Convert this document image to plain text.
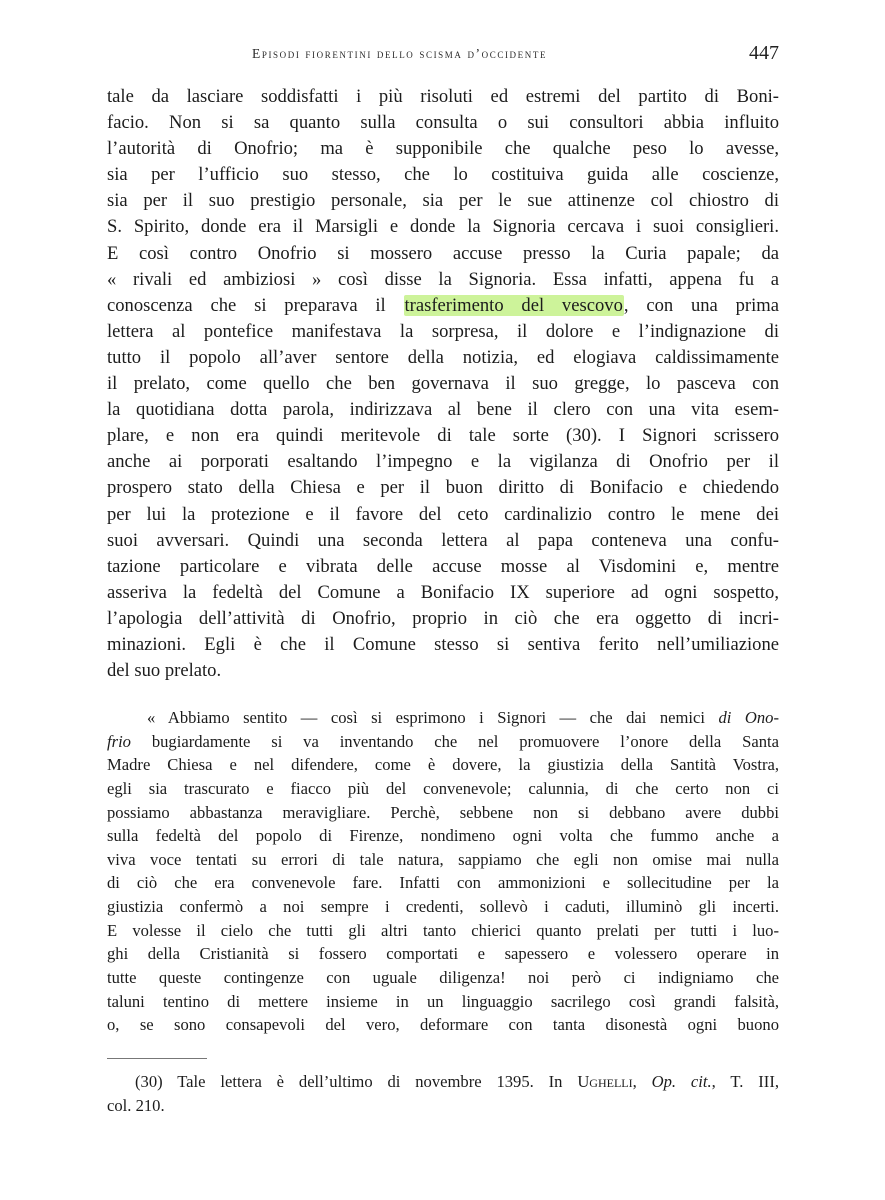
Episodi fiorentini dello scisma d’occidente	447
tale da lasciare soddisfatti i più risoluti ed estremi del partito di Boni-
facio. Non si sa quanto sulla consulta o sui consultori abbia influito
l’autorità di Onofrio; ma è supponibile che qualche peso lo avesse,
sia per l’ufficio suo stesso, che lo costituiva guida alle coscienze,
sia per il suo prestigio personale, sia per le sue attinenze col chiostro di
S. Spirito, donde era il Marsigli e donde la Signoria cercava i suoi consiglieri.
E così contro Onofrio si mossero accuse presso la Curia papale; da
« rivali ed ambiziosi » così disse la Signoria. Essa infatti, appena fu a
conoscenza che si preparava il trasferimento del vescovo, con una prima
lettera al pontefice manifestava la sorpresa, il dolore e l’indignazione di
tutto il popolo all’aver sentore della notizia, ed elogiava caldissimamente
il prelato, come quello che ben governava il suo gregge, lo pasceva con
la quotidiana dotta parola, indirizzava al bene il clero con una vita esem-
plare, e non era quindi meritevole di tale sorte (30). I Signori scrissero
anche ai porporati esaltando l’impegno e la vigilanza di Onofrio per il
prospero stato della Chiesa e per il buon diritto di Bonifacio e chiedendo
per lui la protezione e il favore del ceto cardinalizio contro le mene dei
suoi avversari. Quindi una seconda lettera al papa conteneva una confu-
tazione particolare e vibrata delle accuse mosse al Visdomini e, mentre
asseriva la fedeltà del Comune a Bonifacio IX superiore ad ogni sospetto,
l’apologia dell’attività di Onofrio, proprio in ciò che era oggetto di incri-
minazioni. Egli è che il Comune stesso si sentiva ferito nell’umiliazione
del suo prelato.
« Abbiamo sentito — così si esprimono i Signori — che dai nemici di Ono-
frio bugiardamente si va inventando che nel promuovere l’onore della Santa
Madre Chiesa e nel difendere, come è dovere, la giustizia della Santità Vostra,
egli sia trascurato e fiacco più del convenevole; calunnia, di che certo non ci
possiamo abbastanza meravigliare. Perchè, sebbene non si debbano avere dubbi
sulla fedeltà del popolo di Firenze, nondimeno ogni volta che fummo anche a
viva voce tentati su errori di tale natura, sappiamo che egli non omise mai nulla
di ciò che era convenevole fare. Infatti con ammonizioni e sollecitudine per la
giustizia confermò a noi sempre i credenti, sollevò i caduti, illuminò gli incerti.
E volesse il cielo che tutti gli altri tanto chierici quanto prelati per tutti i luo-
ghi della Cristianità si fossero comportati e sapessero e volessero operare in
tutte queste contingenze con uguale diligenza! noi però ci indigniamo che
taluni tentino di mettere insieme in un linguaggio sacrilego così grandi falsità,
o, se sono consapevoli del vero, deformare con tanta disonestà ogni buono
(30) Tale lettera è dell’ultimo di novembre 1395. In Ughelli, Op. cit., T. III,
col. 210.
